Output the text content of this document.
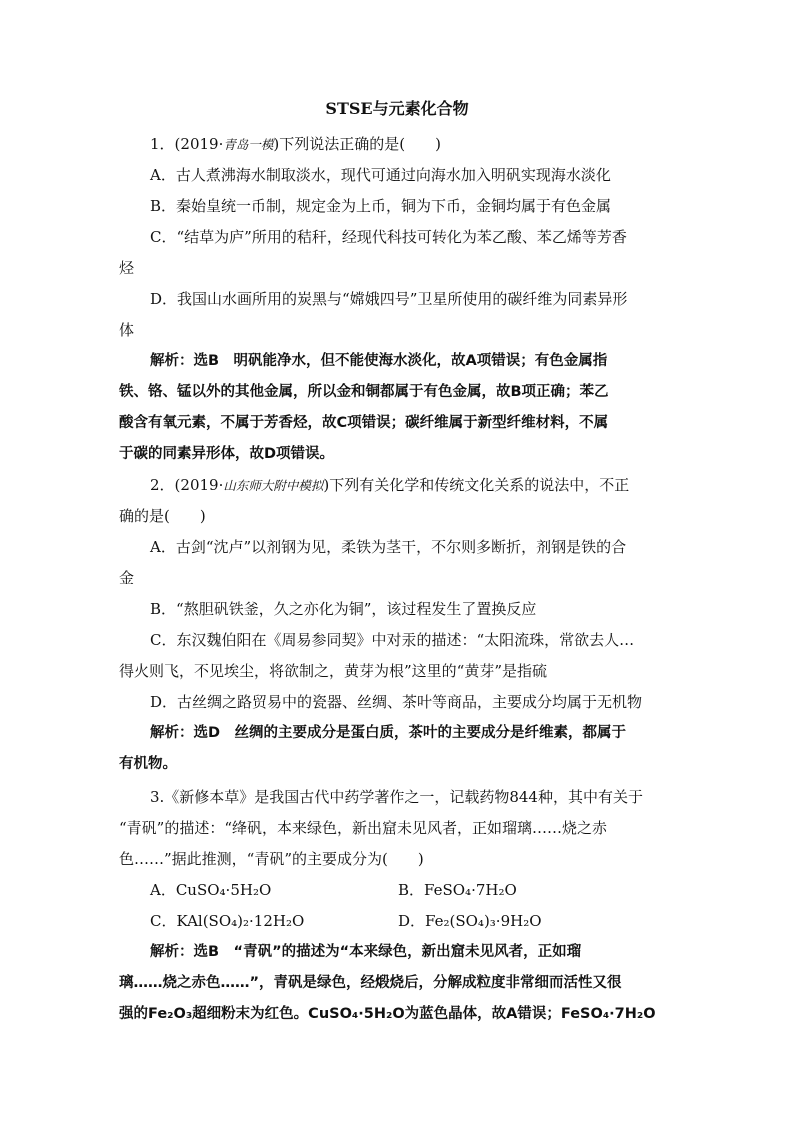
STSE与元素化合物
1．(2019·青岛一模)下列说法正确的是(　　)
A．古人煮沸海水制取淡水，现代可通过向海水加入明矾实现海水淡化
B．秦始皇统一币制，规定金为上币，铜为下币，金铜均属于有色金属
C．“结草为庐”所用的秸秆，经现代科技可转化为苯乙酸、苯乙烯等芳香
烃
D．我国山水画所用的炭黑与“嫦娥四号”卫星所使用的碳纤维为同素异形
体
解析：选B　明矾能净水，但不能使海水淡化，故A项错误；有色金属指
铁、铬、锰以外的其他金属，所以金和铜都属于有色金属，故B项正确；苯乙
酸含有氧元素，不属于芳香烃，故C项错误；碳纤维属于新型纤维材料，不属
于碳的同素异形体，故D项错误。
2．(2019·山东师大附中模拟)下列有关化学和传统文化关系的说法中，不正
确的是(　　)
A．古剑“沈卢”以剂钢为见，柔铁为茎干，不尔则多断折，剂钢是铁的合
金
B．“熬胆矾铁釜，久之亦化为铜”，该过程发生了置换反应
C．东汉魏伯阳在《周易参同契》中对汞的描述：“太阳流珠，常欲去人…
得火则飞，不见埃尘，将欲制之，黄芽为根”这里的“黄芽”是指硫
D．古丝绸之路贸易中的瓷器、丝绸、茶叶等商品，主要成分均属于无机物
解析：选D　丝绸的主要成分是蛋白质，茶叶的主要成分是纤维素，都属于
有机物。
3.《新修本草》是我国古代中药学著作之一，记载药物844种，其中有关于
“青矾”的描述：“绛矾，本来绿色，新出窟未见风者，正如瑠璃……烧之赤
色……”据此推测，“青矾”的主要成分为(　　)
A．CuSO₄·5H₂O	B．FeSO₄·7H₂O
C．KAl(SO₄)₂·12H₂O	D．Fe₂(SO₄)₃·9H₂O
解析：选B　“青矾”的描述为“本来绿色，新出窟未见风者，正如瑠
璃……烧之赤色……”，青矾是绿色，经煅烧后，分解成粒度非常细而活性又很
强的Fe₂O₃超细粉末为红色。CuSO₄·5H₂O为蓝色晶体，故A错误；FeSO₄·7H₂O
